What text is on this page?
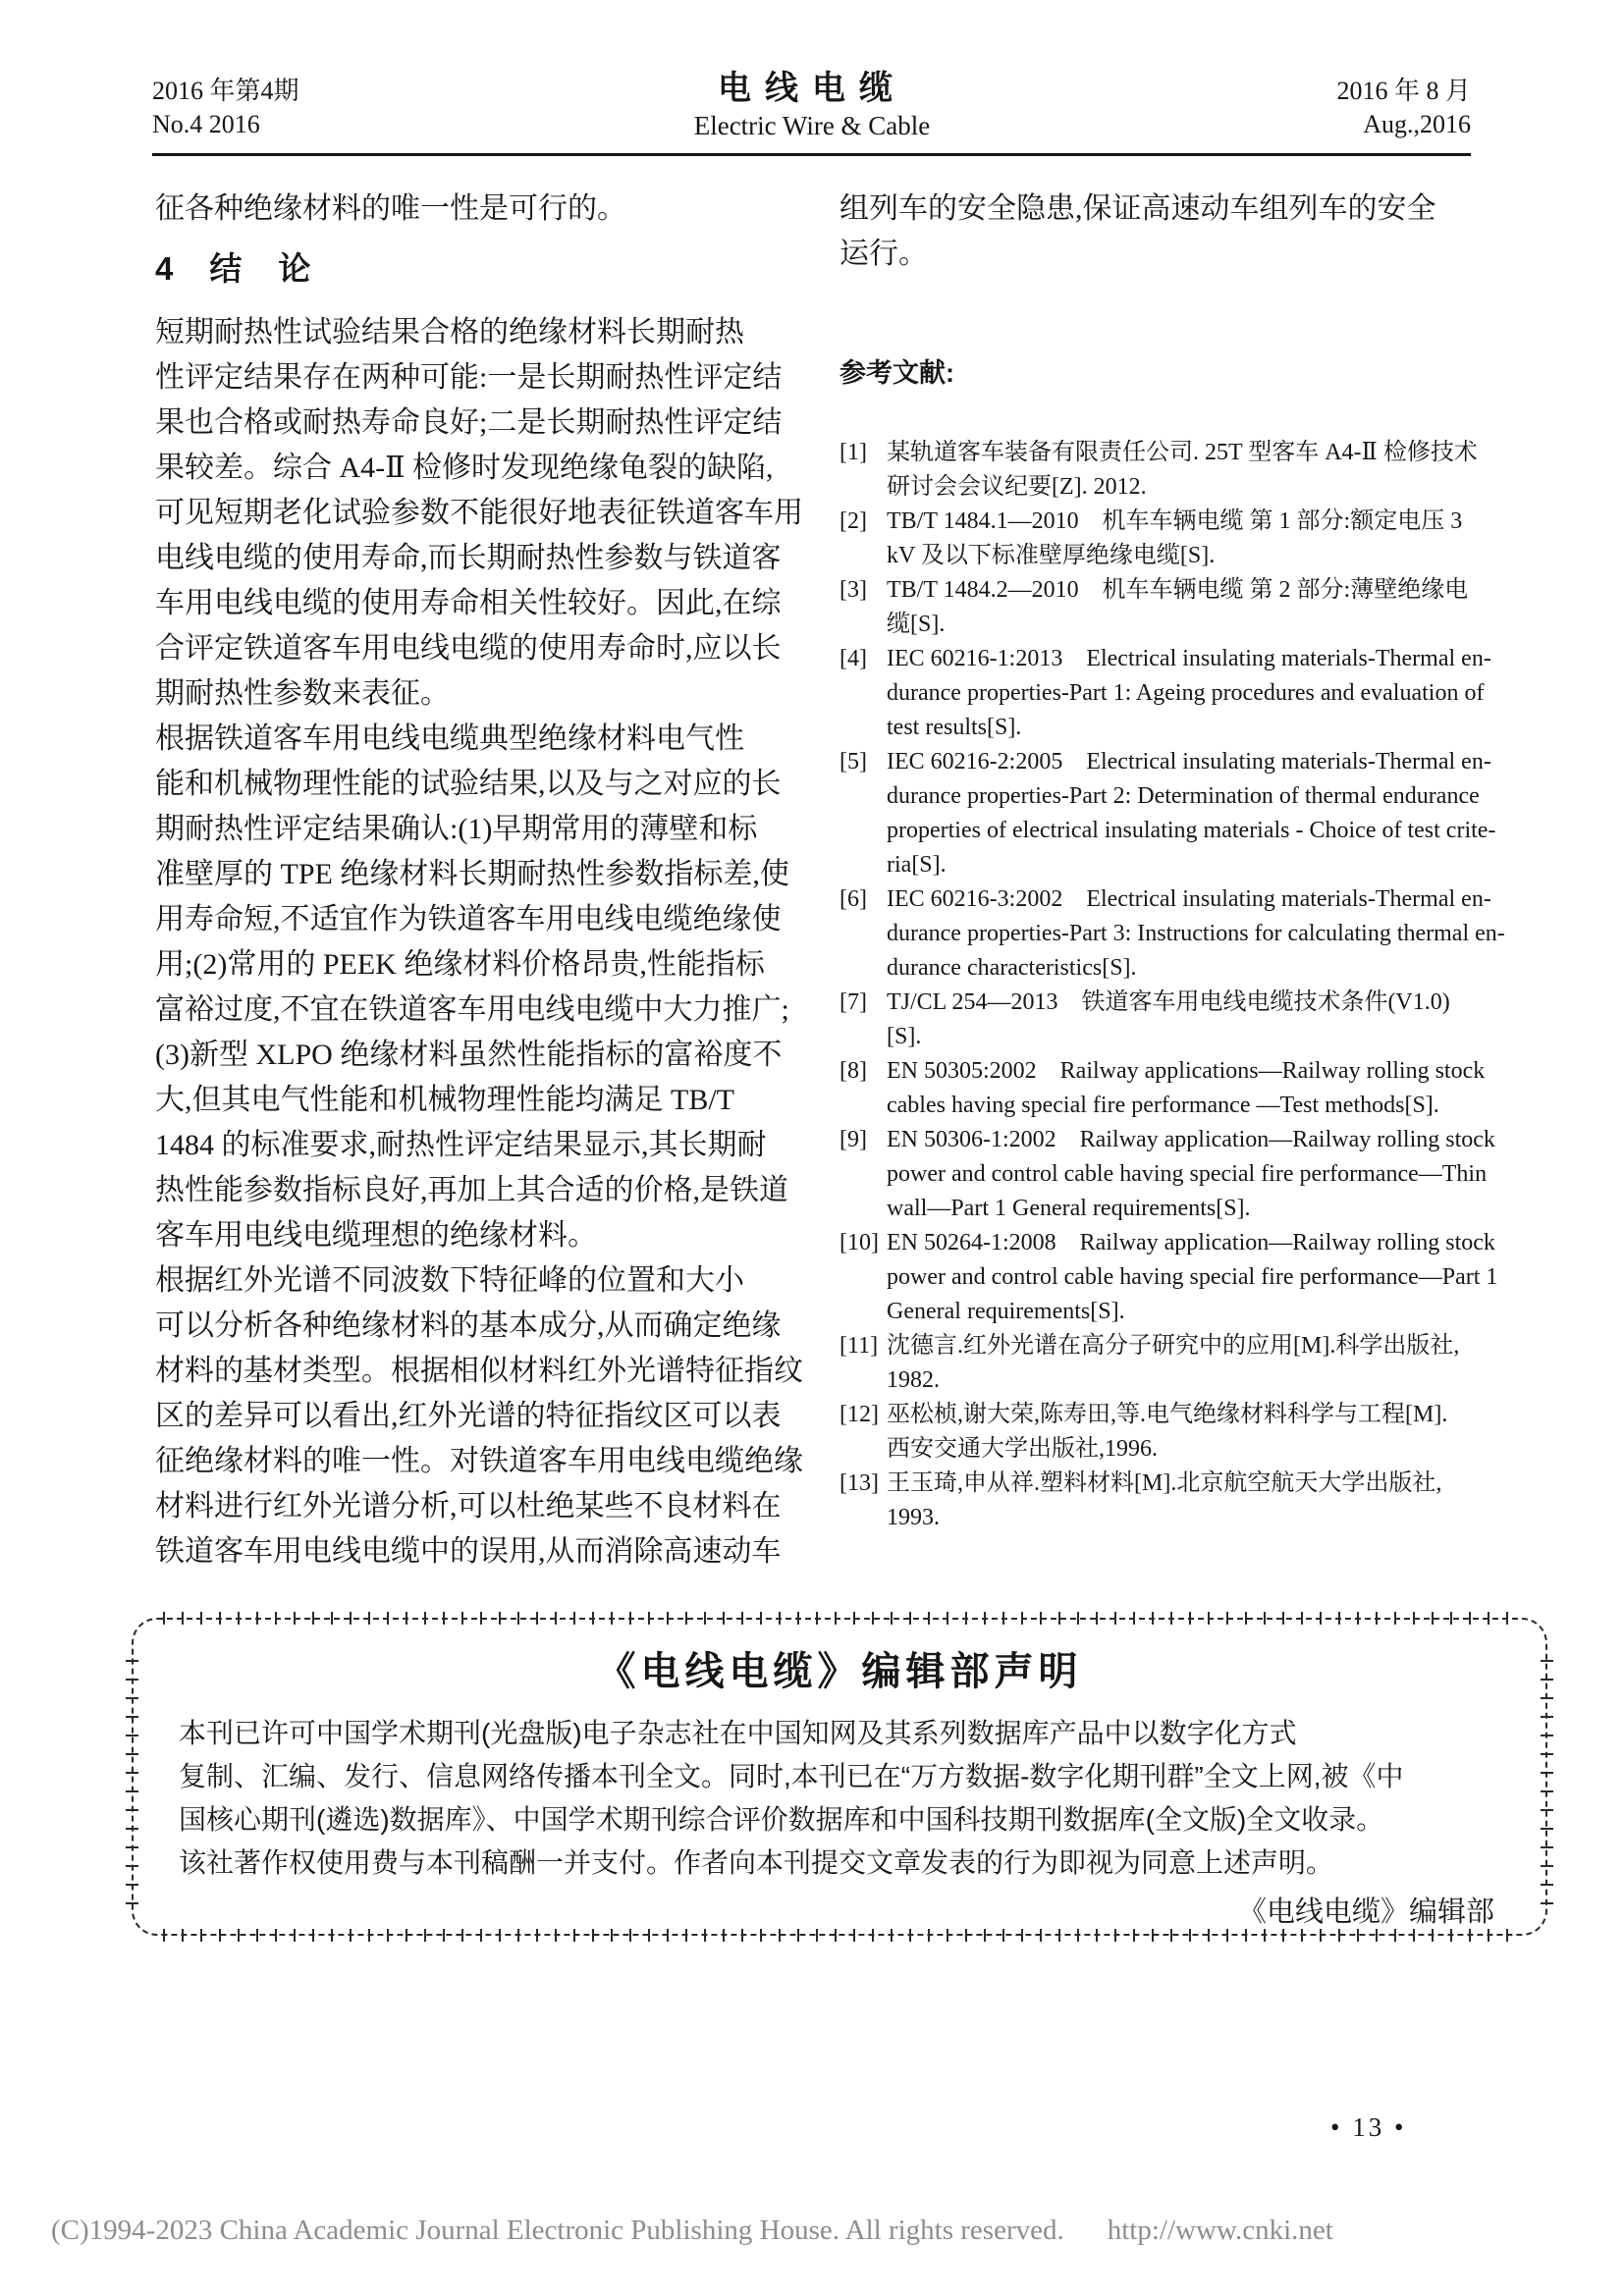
2016 年第4期
No.4 2016
电线电缆
Electric Wire & Cable
2016 年 8 月
Aug.,2016
征各种绝缘材料的唯一性是可行的。
4　结　论
短期耐热性试验结果合格的绝缘材料长期耐热
性评定结果存在两种可能:一是长期耐热性评定结
果也合格或耐热寿命良好;二是长期耐热性评定结
果较差。综合 A4-Ⅱ 检修时发现绝缘龟裂的缺陷,
可见短期老化试验参数不能很好地表征铁道客车用
电线电缆的使用寿命,而长期耐热性参数与铁道客
车用电线电缆的使用寿命相关性较好。因此,在综
合评定铁道客车用电线电缆的使用寿命时,应以长
期耐热性参数来表征。
根据铁道客车用电线电缆典型绝缘材料电气性
能和机械物理性能的试验结果,以及与之对应的长
期耐热性评定结果确认:(1)早期常用的薄壁和标
准壁厚的 TPE 绝缘材料长期耐热性参数指标差,使
用寿命短,不适宜作为铁道客车用电线电缆绝缘使
用;(2)常用的 PEEK 绝缘材料价格昂贵,性能指标
富裕过度,不宜在铁道客车用电线电缆中大力推广;
(3)新型 XLPO 绝缘材料虽然性能指标的富裕度不
大,但其电气性能和机械物理性能均满足 TB/T
1484 的标准要求,耐热性评定结果显示,其长期耐
热性能参数指标良好,再加上其合适的价格,是铁道
客车用电线电缆理想的绝缘材料。
根据红外光谱不同波数下特征峰的位置和大小
可以分析各种绝缘材料的基本成分,从而确定绝缘
材料的基材类型。根据相似材料红外光谱特征指纹
区的差异可以看出,红外光谱的特征指纹区可以表
征绝缘材料的唯一性。对铁道客车用电线电缆绝缘
材料进行红外光谱分析,可以杜绝某些不良材料在
铁道客车用电线电缆中的误用,从而消除高速动车
组列车的安全隐患,保证高速动车组列车的安全
运行。
参考文献:
[1] 某轨道客车装备有限责任公司. 25T 型客车 A4-Ⅱ 检修技术
研讨会会议纪要[Z]. 2012.
[2] TB/T 1484.1—2010　机车车辆电缆 第 1 部分:额定电压 3
kV 及以下标准壁厚绝缘电缆[S].
[3] TB/T 1484.2—2010　机车车辆电缆 第 2 部分:薄壁绝缘电
缆[S].
[4] IEC 60216-1:2013　Electrical insulating materials-Thermal en-
durance properties-Part 1: Ageing procedures and evaluation of
test results[S].
[5] IEC 60216-2:2005　Electrical insulating materials-Thermal en-
durance properties-Part 2: Determination of thermal endurance
properties of electrical insulating materials - Choice of test crite-
ria[S].
[6] IEC 60216-3:2002　Electrical insulating materials-Thermal en-
durance properties-Part 3: Instructions for calculating thermal en-
durance characteristics[S].
[7] TJ/CL 254—2013　铁道客车用电线电缆技术条件(V1.0)
[S].
[8] EN 50305:2002　Railway applications—Railway rolling stock
cables having special fire performance —Test methods[S].
[9] EN 50306-1:2002　Railway application—Railway rolling stock
power and control cable having special fire performance—Thin
wall—Part 1 General requirements[S].
[10] EN 50264-1:2008　Railway application—Railway rolling stock
power and control cable having special fire performance—Part 1
General requirements[S].
[11] 沈德言.红外光谱在高分子研究中的应用[M].科学出版社,
1982.
[12] 巫松桢,谢大荣,陈寿田,等.电气绝缘材料科学与工程[M].
西安交通大学出版社,1996.
[13] 王玉琦,申从祥.塑料材料[M].北京航空航天大学出版社,
1993.
《电线电缆》编辑部声明
本刊已许可中国学术期刊(光盘版)电子杂志社在中国知网及其系列数据库产品中以数字化方式
复制、汇编、发行、信息网络传播本刊全文。同时,本刊已在“万方数据-数字化期刊群”全文上网,被《中
国核心期刊(遴选)数据库》、中国学术期刊综合评价数据库和中国科技期刊数据库(全文版)全文收录。
该社著作权使用费与本刊稿酬一并支付。作者向本刊提交文章发表的行为即视为同意上述声明。
《电线电缆》编辑部
• 13 •
(C)1994-2023 China Academic Journal Electronic Publishing House. All rights reserved. http://www.cnki.net
